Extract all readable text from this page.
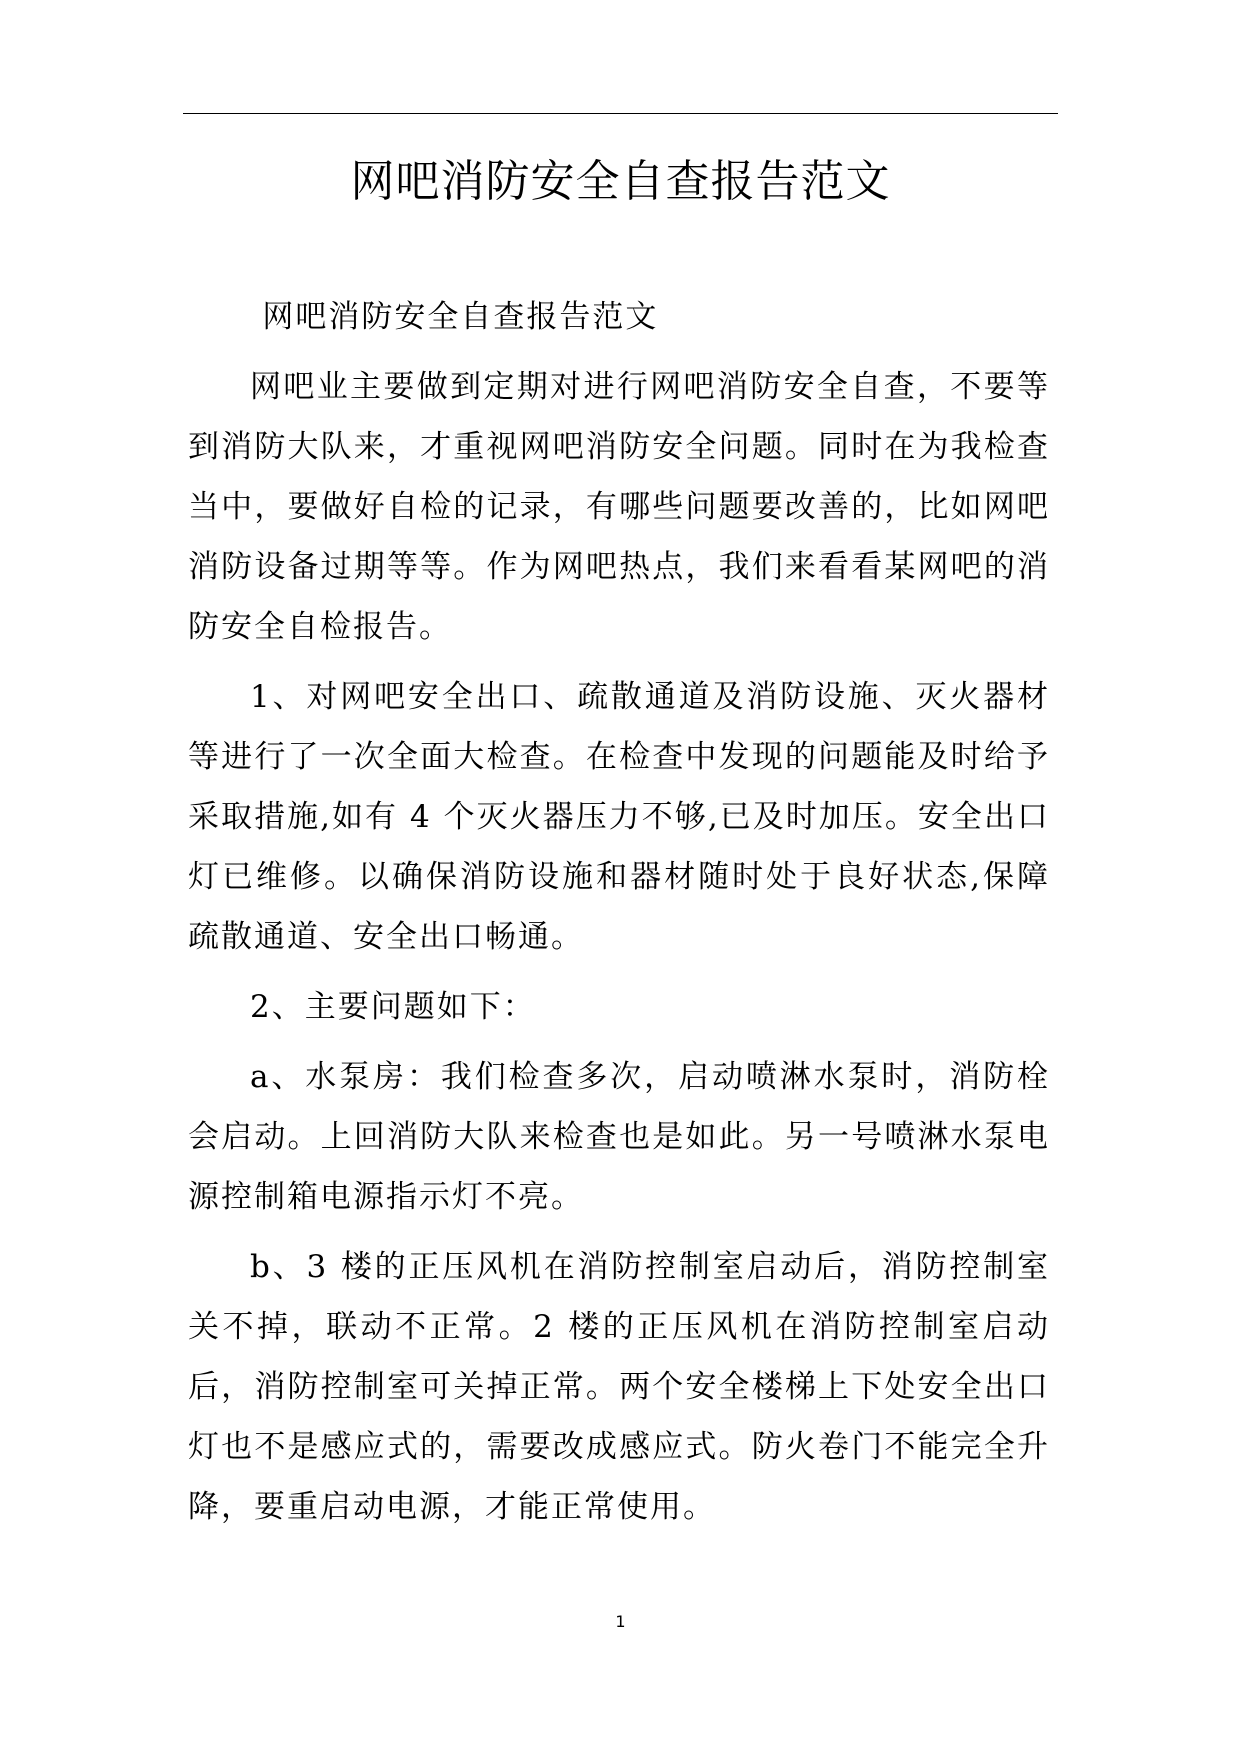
网吧消防安全自查报告范文

网吧消防安全自查报告范文

网吧业主要做到定期对进行网吧消防安全自查，不要等到消防大队来，才重视网吧消防安全问题。同时在为我检查当中，要做好自检的记录，有哪些问题要改善的，比如网吧消防设备过期等等。作为网吧热点，我们来看看某网吧的消防安全自检报告。

1、对网吧安全出口、疏散通道及消防设施、灭火器材等进行了一次全面大检查。在检查中发现的问题能及时给予采取措施,如有 4 个灭火器压力不够,已及时加压。安全出口灯已维修。以确保消防设施和器材随时处于良好状态,保障疏散通道、安全出口畅通。

2、主要问题如下：

a、水泵房：我们检查多次，启动喷淋水泵时，消防栓会启动。上回消防大队来检查也是如此。另一号喷淋水泵电源控制箱电源指示灯不亮。

b、3 楼的正压风机在消防控制室启动后，消防控制室关不掉，联动不正常。2 楼的正压风机在消防控制室启动后，消防控制室可关掉正常。两个安全楼梯上下处安全出口灯也不是感应式的，需要改成感应式。防火卷门不能完全升降，要重启动电源，才能正常使用。

1
